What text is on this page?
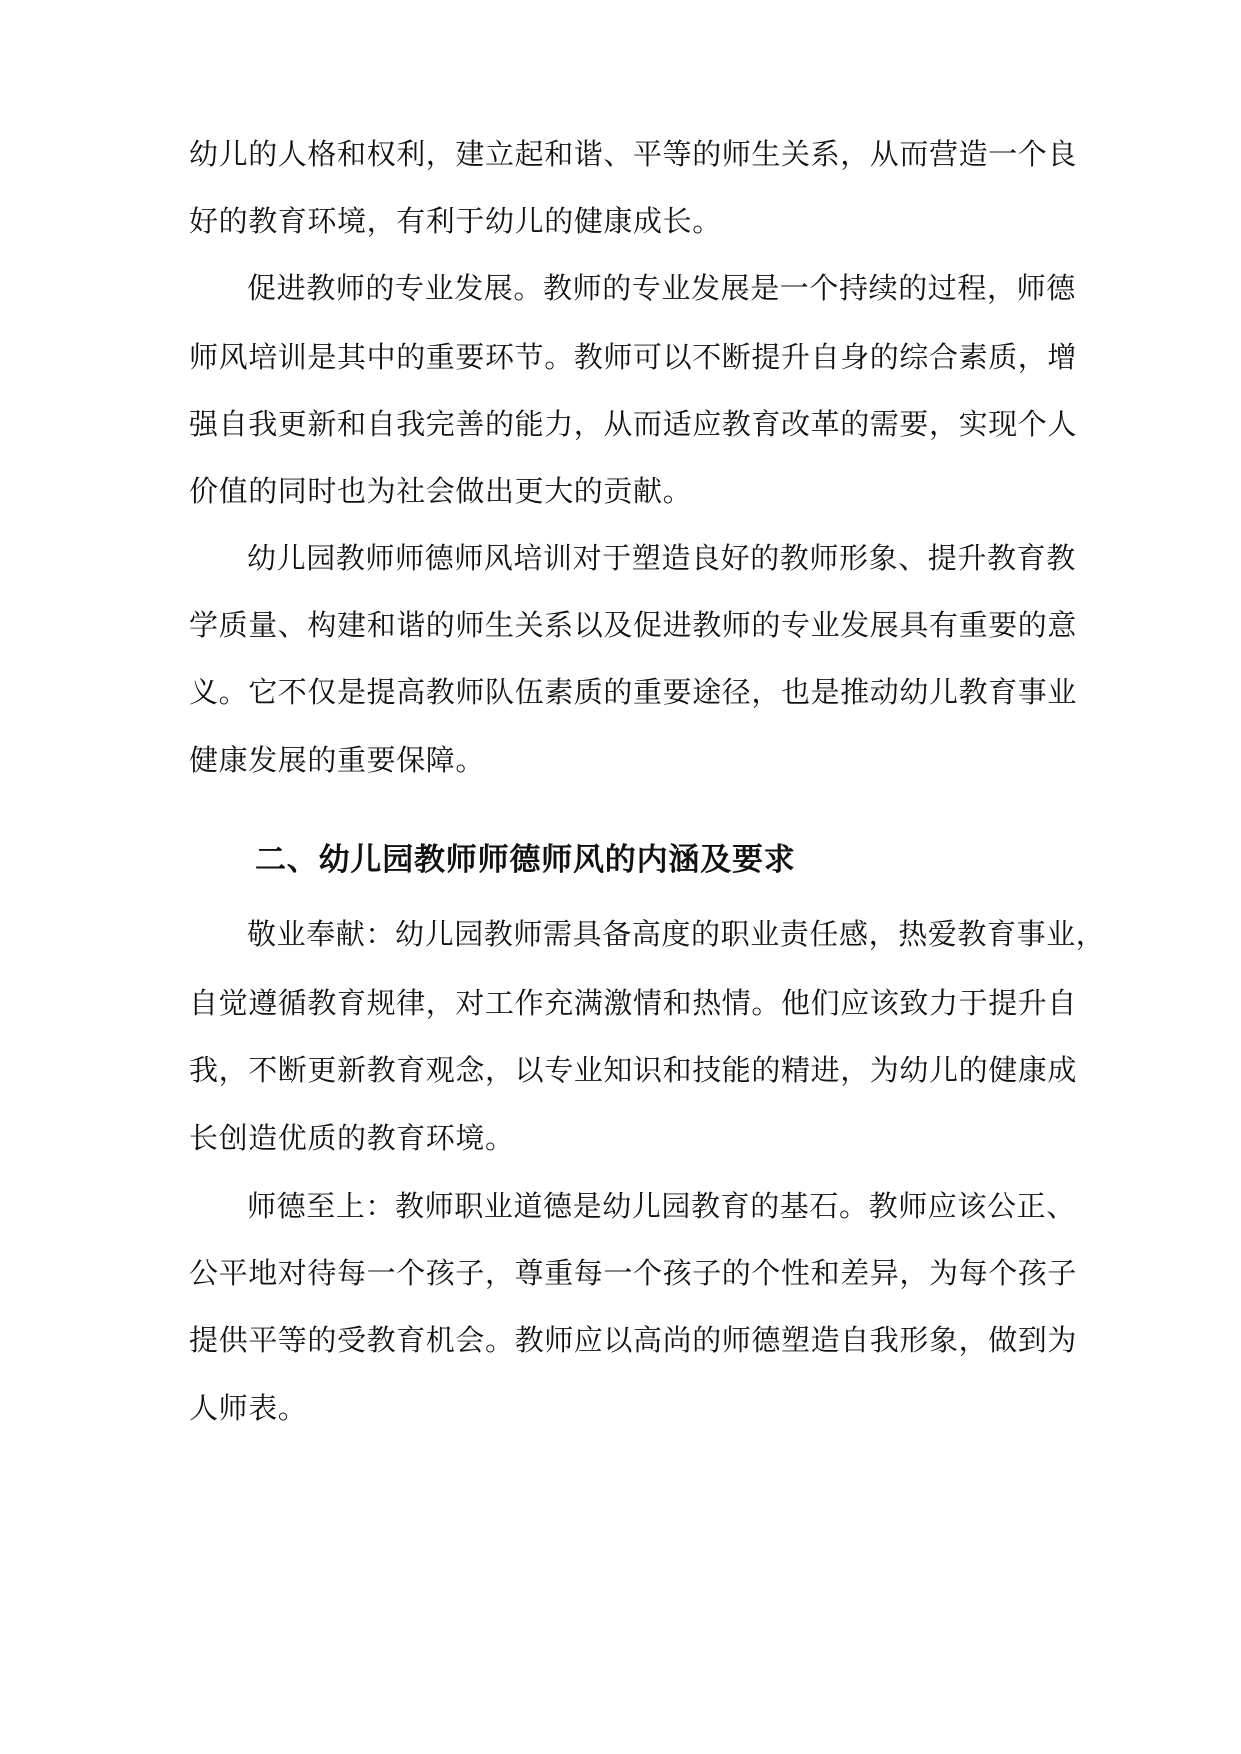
幼儿的人格和权利，建立起和谐、平等的师生关系，从而营造一个良
好的教育环境，有利于幼儿的健康成长。
促进教师的专业发展。教师的专业发展是一个持续的过程，师德
师风培训是其中的重要环节。教师可以不断提升自身的综合素质，增
强自我更新和自我完善的能力，从而适应教育改革的需要，实现个人
价值的同时也为社会做出更大的贡献。
幼儿园教师师德师风培训对于塑造良好的教师形象、提升教育教
学质量、构建和谐的师生关系以及促进教师的专业发展具有重要的意
义。它不仅是提高教师队伍素质的重要途径，也是推动幼儿教育事业
健康发展的重要保障。
二、幼儿园教师师德师风的内涵及要求
敬业奉献：幼儿园教师需具备高度的职业责任感，热爱教育事业，
自觉遵循教育规律，对工作充满激情和热情。他们应该致力于提升自
我，不断更新教育观念，以专业知识和技能的精进，为幼儿的健康成
长创造优质的教育环境。
师德至上：教师职业道德是幼儿园教育的基石。教师应该公正、
公平地对待每一个孩子，尊重每一个孩子的个性和差异，为每个孩子
提供平等的受教育机会。教师应以高尚的师德塑造自我形象，做到为
人师表。
